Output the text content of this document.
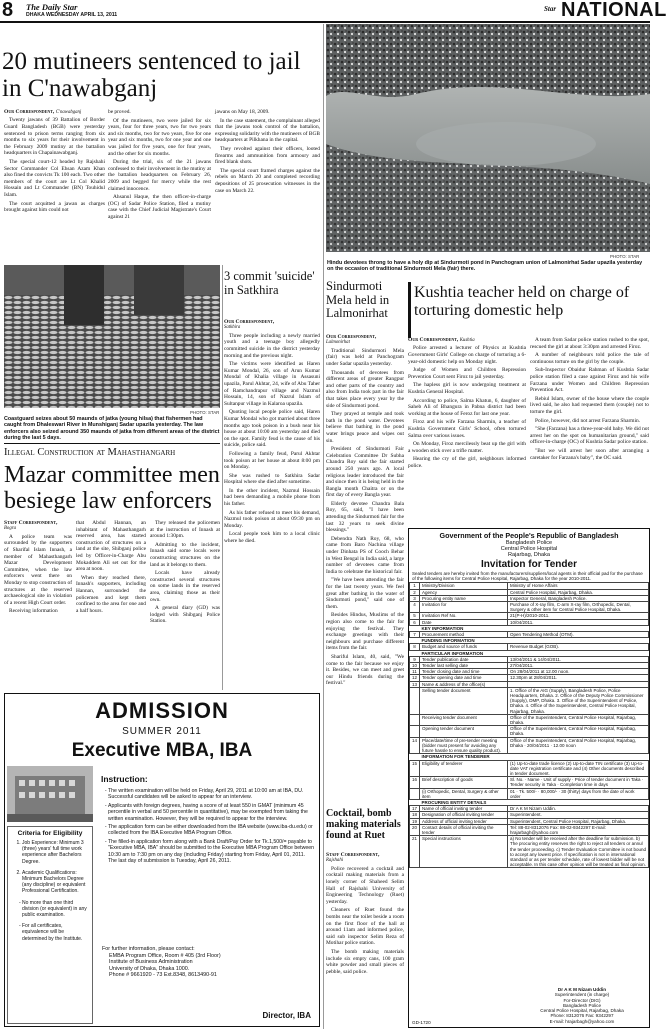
8 The Daily Star
DHAKA WEDNESDAY APRIL 13, 2011
Star NATIONAL
20 mutineers sentenced to jail in C'nawabganj
Our Correspondent, C'nawabganj

Twenty jawans of 39 Battalion of Border Guard Bangladesh (BGB) were yesterday sentenced to prison terms ranging from six months to six years for their involvement in the February 2009 mutiny at the battalion headquarters in Chapainawabganj.

The special court-12 headed by Rajshahi Sector Commander Col Ehsan Azam Khan also fined the convicts Tk 100 each. Two other members of the court are Lt Col Khalid Hossain and Lt Commander (BN) Touhidul Islam.

The court acquitted a jawan as charges brought against him could not

be proved.

Of the mutineers, two were jailed for six years, four for three years, two for two years and six months, two for two years, five for one year and six months, two for one year and one was jailed for five years, one for four years, and the other for six months.

During the trial, six of the 21 jawans confessed to their involvement in the mutiny at the battalion headquarters on February 26, 2009 and begged for mercy while the rest claimed innocence.

Ahsanul Haque, the then officer-in-charge (OC) of Sadar Police Station, filed a mutiny case with the Chief Judicial Magistrate's Court against 21

jawans on May 18, 2009.

In the case statement, the complainant alleged that the jawans took control of the battalion, expressing solidarity with the mutineers of BGB headquarters at Pilkhana in the capital.

They revolted against their officers, looted firearms and ammunition from armoury and fired blank shots.

The special court framed charges against the rebels on March 20 and completed recording depositions of 25 prosecution witnesses in the case on March 22.

PHOTO: STAR
Hindu devotees throng to have a holy dip at Sindurmoti pond in Panchogram union of Lalmonirhat Sadar upazila yesterday on the occasion of traditional Sindurmoti Mela (fair) there.
PHOTO: STAR
Coastguard seizes about 50 maunds of jatka (young hilsa) that fishermen had caught from Dhaleswari River in Munshiganj Sadar upazila yesterday. The law enforcers also seized around 350 maunds of jatka from different areas of the district during the last 5 days.
3 commit 'suicide' in Satkhira
Our Correspondent,
Satkhira

Three people including a newly married youth and a teenage boy allegedly committed suicide in the district yesterday morning and the previous night.

The victims were identified as Haren Kumar Mondal, 26, son of Arun Kumar Mondal of Khalia village in Assasuni upazila, Parul Akhtar, 24, wife of Abu Taher of Ramchandrapur village and Nazmul Hossain, 14, son of Nazrul Islam of Sultanpur village in Kalaroa upazila.

Quoting local people police said, Haren Kumar Mondal who got married about three months ago took poison in a bush near his house at about 10:00 am yesterday and died on the spot. Family feud is the cause of his suicide, police said.

Following a family feud, Parul Akhtar took poison at her house at about 8:00 pm on Monday.

She was rushed to Satkhira Sadar Hospital where she died after sometime.

In the other incident, Nazmul Hossain had been demanding a mobile phone from his father.

As his father refused to meet his demand, Nazmul took poison at about 09:30 pm on Monday.

Local people took him to a local clinic where he died.

Illegal Construction at Mahasthangarh
Mazar committee men besiege law enforcers
Staff Correspondent,
Bogra

A police team was surrounded by the supporters of Sharifal Islam Innash, a member of Mahasthangarh Mazar Development Committee, when the law enforcers went there on Monday to stop construction of structures at the reserved archaeological site in violation of a recent High Court order.

Receiving information

that Abdul Hannan, an inhabitant of Mahasthangarh reserved area, has started construction of structures on a land at the site, Shibganj police led by Officer-in-Charge Abu Mokaddem Ali set out for the area at noon.

When they reached there, Innash's supporters, including Hannan, surrounded the policemen and kept them confined to the area for one and a half hours.

They released the policemen at the instruction of Innash at around 1:30pm.

Admitting to the incident, Innash said some locals were constructing structures on the land as it belongs to them.

Locals have already constructed several structures on some lands in the reserved area, claiming those as their own.

A general diary (GD) was lodged with Shibganj Police Station.

Sindurmoti Mela held in Lalmonirhat
Our Correspondent,
Lalmonirhat

Traditional Sindurmoti Mela (fair) was held at Panchogram under Sadar upazila yesterday.

Thousands of devotees from different areas of greater Rangpur and other parts of the country and also from India took part in the fair that takes place every year by the side of Sindurmoti pond.

They prayed at temple and took bath in the pond water. Devotees believe that bathing in the pond water brings peace and wipes out sin.

President of Sindurmoti Fair Celebration Committee Dr Subha Chandra Roy said the fair started around 250 years ago. A local religious leader introduced the fair and since then it is being held in the Bangla month Chaitra or on the first day of every Bangla year.

Elderly devotee Chandra Bala Roy, 65, said, "I have been attending the Sindurmoti fair for the last 32 years to seek divine blessings."

Debendra Nath Roy, 68, who came from Baro Nachina village under Dinhata PS of Cooch Behar in West Bengal in India said, a large number of devotees came from India to celebrate the historical fair.

"We have been attending the fair for the last twenty years. We feel great after bathing in the water of Sindurmoti pond," said one of them.

Besides Hindus, Muslims of the region also come to the fair for enjoying the festival. They exchange greetings with their neighbours and purchase different items from the fair.

Shariful Islam, 40, said, "We come to the fair because we enjoy it. Besides, we can meet and greet our Hindu friends during the festival."

Cocktail, bomb making materials found at Ruet
Staff Correspondent,
Rajshahi

Police recovered a cocktail and cocktail making materials from a lonely corner of Shaheed Selim Hall of Rajshahi University of Engineering Technology (Ruet) yesterday.

Cleaners of Ruet found the bombs near the toilet beside a room on the first floor of the hall at around 11am and informed police, said sub inspector Selim Reza of Motihar police station.

The bomb making materials include six empty cans, 100 gram white powder and small pieces of pebble, said police.

Kushtia teacher held on charge of torturing domestic help
Our Correspondent, Kushtia

Police arrested a lecturer of Physics at Kushtia Government Girls' College on charge of torturing a 6-year-old domestic help on Monday night.

Judge of Women and Children Repression Prevention Court sent Firoz to jail yesterday.

The hapless girl is now undergoing treatment at Kushtia General Hospital.

According to police, Salma Khatun, 6, daughter of Saheb Ali of Bhangura in Pabna district had been working at the house of Feroz for last one year.

Firoz and his wife Farzana Sharmin, a teacher of Kushtia Government Girls' School, often tortured Salma over various issues.

On Monday, Firoz mercilessly beat up the girl with a wooden stick over a trifle matter.

Hearing the cry of the girl, neighbours informed police.

A team from Sadar police station rushed to the spot, rescued the girl at about 3:30pm and arrested Firoz.

A number of neighbours told police the tale of continuous torture on the girl by the couple.

Sub-Inspector Obaidur Rahman of Kushtia Sadar police station filed a case against Firoz and his wife Farzana under Women and Children Repression Prevention Act.

Rebiul Islam, owner of the house where the couple lived said, he also had requested them (couple) not to torture the girl.

Police, however, did not arrest Farzana Sharmin.

"She (Farzana) has a three-year-old baby. We did not arrest her on the spot on humanitarian ground," said officer-in-charge (OC) of Kushtia Sadar police station.

"But we will arrest her soon after arranging a caretaker for Farzana's baby", the OC said.

Government of the People's Republic of Bangladesh
Bangladesh Police
Central Police Hospital
Rajarbag, Dhaka
Invitation for Tender
Sealed tenders are hereby invited from the manufacturers/suppliers/local agents in their official pad for the purchase of the following items for Central Police Hospital, Rajarbag, Dhaka for the year 2010-2011.
1	Ministry/Division	Ministry of Home Affairs
2	Agency	Central Police Hospital, Rajarbag, Dhaka.
3	Procuring entity name	Inspector General, Bangladesh Police.
4	Invitation for	Purchase of X-ray film, C-arm X-ray film, Orthopedic, Dental, Surgery & other item for Central Police Hospital, Dhaka.
5	Invitation Ref No.	21(P-H)/2010-2011.
6	Date	10/04/2011.
	KEY INFORMATION	
7	Procurement method	Open Tendering Method (OTM).
	FUNDING INFORMATION	
8	Budget and source of funds	Revenue Budget (GOB).
	PARTICULAR INFORMATION	
9	Tender publication date	13/04/2011 & 14/04/2011.
10	Tender last selling date	27/04/2011.
11	Tender closing date and time	On 28/04/2011 at 12.00 noon.
12	Tender opening date and time	12.30pm at 28/04/2011.
13	Name & address of the office(s)	
	Selling tender document	1. Office of the AIG (Supply), Bangladesh Police, Police Headquarters, Dhaka. 2. Office of the Deputy Police Commissioner (Supply), DMP, Dhaka. 3. Office of the Superintendent of Police, Dhaka. 4. Office of the Superintendent, Central Police Hospital, Rajarbag, Dhaka.
	Receiving tender document	Office of the Superintendent, Central Police Hospital, Rajarbag, Dhaka.
	Opening tender document	Office of the Superintendent, Central Police Hospital, Rajarbag, Dhaka.
14	Place/date/time of pre-tender meeting (bidder must present for avoiding any future hassle to ensure quality product).	Office of the Superintendent, Central Police Hospital, Rajarbag, Dhaka · 20/04/2011 · 12.00 noon
	INFORMATION FOR TENDERER	
15	Eligibility of tenderer	(1) Up-to-date trade licence (2) Up-to-date TIN certificate (3) Up-to-date VAT registration certificate and (4) Other documents described in tender document.
16	Brief description of goods	Sl. No. · Name · Unit of supply · Price of tender document in Taka · Tender security in Taka · Completion time in days
	(i) Orthopedic, Dental, Surgery & other item	01 · Tk. 500/- · 80,000/- · 30 (thirty) days from the date of work order
	PROCURING ENTITY DETAILS	
17	Name of official inviting tender	Dr A K M Nizam Uddin.
18	Designation of official inviting tender	Superintendent.
19	Address of official inviting tender	Superintendent, Central Police Hospital, Rajarbag, Dhaka.
20	Contact details of official inviting the tender	Tel: 88-02-8312076 Fax: 88-02-9342297 E-mail: hrajarbagh@yahoo.com
21	Special instructions	a) No tender will be received after the deadline for submission. b) The procuring entity reserves the right to reject all tenders or annul the tender proceeding. c) Tender Evaluation Committee is not bound to accept any lowest price. If specification is not in international standard or as per tender schedule, rate of lowest bidder will be not acceptable. In this case other opinion will be treated as final opinion.
Dr A K M Nizam Uddin
Superintendent (in charge)
For-Director (DIG)
Bangladesh Police
Central Police Hospital, Rajarbag, Dhaka
Phone: 8312076 Fax: 9342297
E-mail: hrajarbagh@yahoo.com
GD-1720
ADMISSION
SUMMER 2011
Executive MBA, IBA
Criteria for Eligibility
1. Job Experience: Minimum 3 (three) years' full time work experience after Bachelors Degree.
2. Academic Qualifications: Minimum Bachelors Degree (any discipline) or equivalent Professional Certification.
- No more than one third division (or equivalent) in any public examination.
- For all certificates, equivalence will be determined by the Institute.
Instruction:
- The written examination will be held on Friday, April 29, 2011 at 10:00 am at IBA, DU. Successful candidates will be asked to appear for an interview.
- Applicants with foreign degrees, having a score of at least 550 in GMAT (minimum 45 percentile in verbal and 50 percentile in quantitative), may be exempted from taking the written examination. However, they will be required to appear for the interview.
- The application form can be either downloaded from the IBA website (www.iba-du.edu) or collected from the IBA Executive MBA Program Office.
- The filled-in application form along with a Bank Draft/Pay Order for Tk.1,500/= payable to "Executive MBA, IBA" should be submitted to the Executive MBA Program Office between 10:30 am to 7:30 pm on any day (including Friday) starting from Friday, April 01, 2011. The last day of submission is Tuesday, April 26, 2011.
For further information, please contact:
EMBA Program Office, Room # 405 (3rd Floor)
Institute of Business Administration
University of Dhaka, Dhaka 1000.
Phone # 9661920 - 73 Ext.8348, 8613490-91
Director, IBA
